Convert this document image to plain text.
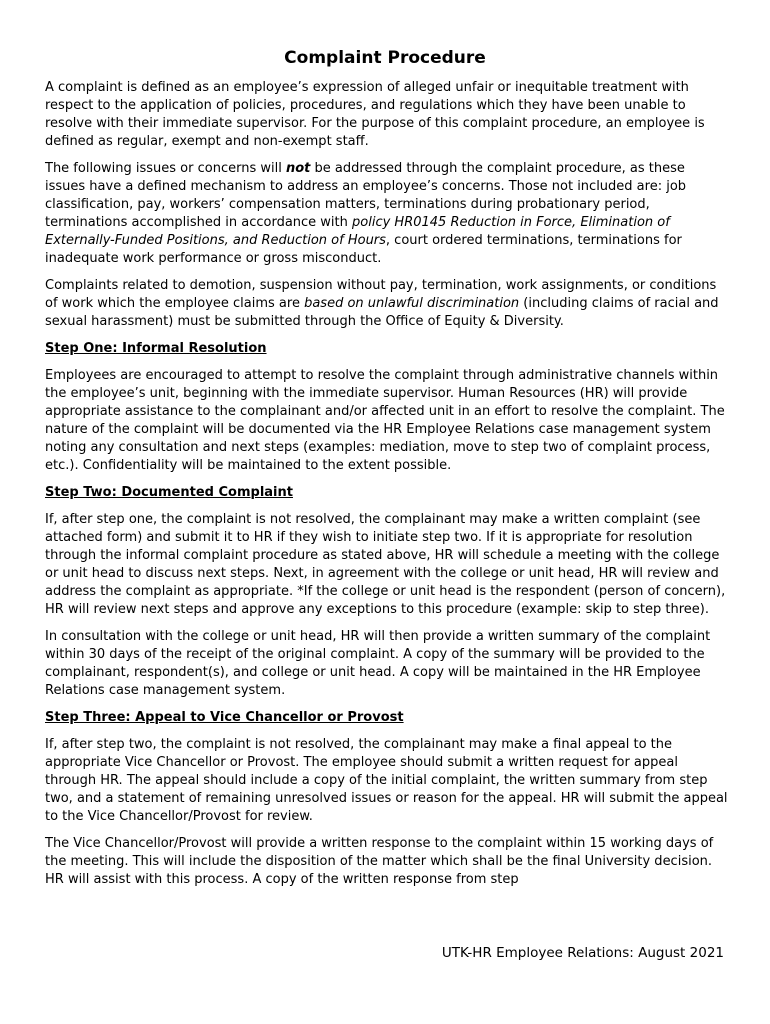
Complaint Procedure

A complaint is defined as an employee’s expression of alleged unfair or inequitable treatment with respect to the application of policies, procedures, and regulations which they have been unable to resolve with their immediate supervisor. For the purpose of this complaint procedure, an employee is defined as regular, exempt and non-exempt staff.

The following issues or concerns will not be addressed through the complaint procedure, as these issues have a defined mechanism to address an employee’s concerns. Those not included are: job classification, pay, workers’ compensation matters, terminations during probationary period, terminations accomplished in accordance with policy HR0145 Reduction in Force, Elimination of Externally-Funded Positions, and Reduction of Hours, court ordered terminations, terminations for inadequate work performance or gross misconduct.

Complaints related to demotion, suspension without pay, termination, work assignments, or conditions of work which the employee claims are based on unlawful discrimination (including claims of racial and sexual harassment) must be submitted through the Office of Equity & Diversity.

Step One: Informal Resolution

Employees are encouraged to attempt to resolve the complaint through administrative channels within the employee’s unit, beginning with the immediate supervisor. Human Resources (HR) will provide appropriate assistance to the complainant and/or affected unit in an effort to resolve the complaint. The nature of the complaint will be documented via the HR Employee Relations case management system noting any consultation and next steps (examples: mediation, move to step two of complaint process, etc.). Confidentiality will be maintained to the extent possible.

Step Two: Documented Complaint

If, after step one, the complaint is not resolved, the complainant may make a written complaint (see attached form) and submit it to HR if they wish to initiate step two. If it is appropriate for resolution through the informal complaint procedure as stated above, HR will schedule a meeting with the college or unit head to discuss next steps. Next, in agreement with the college or unit head, HR will review and address the complaint as appropriate. *If the college or unit head is the respondent (person of concern), HR will review next steps and approve any exceptions to this procedure (example: skip to step three).

In consultation with the college or unit head, HR will then provide a written summary of the complaint within 30 days of the receipt of the original complaint. A copy of the summary will be provided to the complainant, respondent(s), and college or unit head. A copy will be maintained in the HR Employee Relations case management system.

Step Three: Appeal to Vice Chancellor or Provost

If, after step two, the complaint is not resolved, the complainant may make a final appeal to the appropriate Vice Chancellor or Provost. The employee should submit a written request for appeal through HR. The appeal should include a copy of the initial complaint, the written summary from step two, and a statement of remaining unresolved issues or reason for the appeal. HR will submit the appeal to the Vice Chancellor/Provost for review.

The Vice Chancellor/Provost will provide a written response to the complaint within 15 working days of the meeting. This will include the disposition of the matter which shall be the final University decision. HR will assist with this process. A copy of the written response from step

UTK-HR Employee Relations: August 2021
